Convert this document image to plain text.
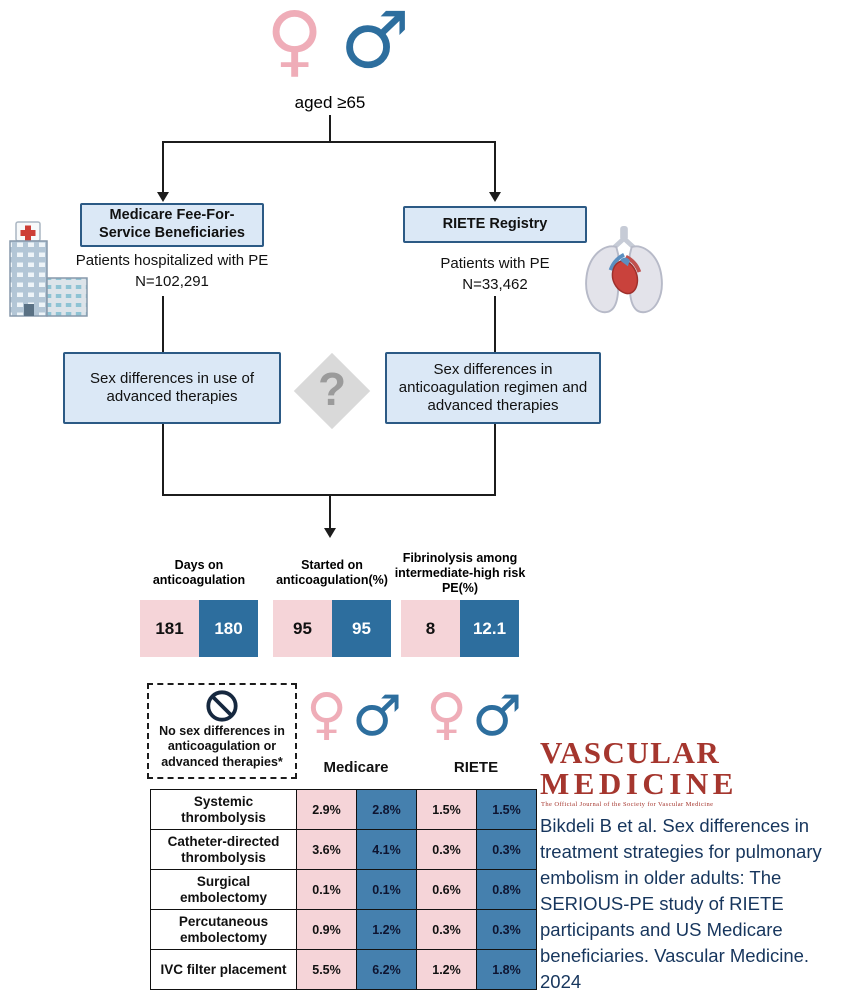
♀ ♂
aged ≥65
Medicare Fee-For-Service Beneficiaries
RIETE Registry
Patients hospitalized with PE
N=102,291
Patients with PE
N=33,462
Sex differences in use of advanced therapies
Sex differences in anticoagulation regimen and advanced therapies
?
Days on anticoagulation
Started on anticoagulation(%)
Fibrinolysis among intermediate-high risk PE(%)
181	180	95	95	8	12.1
No sex differences in anticoagulation or advanced therapies*
♀ ♂ ♀ ♂
Medicare	RIETE
Systemic thrombolysis	2.9%	2.8%	1.5%	1.5%
Catheter-directed thrombolysis	3.6%	4.1%	0.3%	0.3%
Surgical embolectomy	0.1%	0.1%	0.6%	0.8%
Percutaneous embolectomy	0.9%	1.2%	0.3%	0.3%
IVC filter placement	5.5%	6.2%	1.2%	1.8%
VASCULAR
MEDICINE
The Official Journal of the Society for Vascular Medicine
Bikdeli B et al. Sex differences in treatment strategies for pulmonary embolism in older adults: The SERIOUS-PE study of RIETE participants and US Medicare beneficiaries. Vascular Medicine. 2024
